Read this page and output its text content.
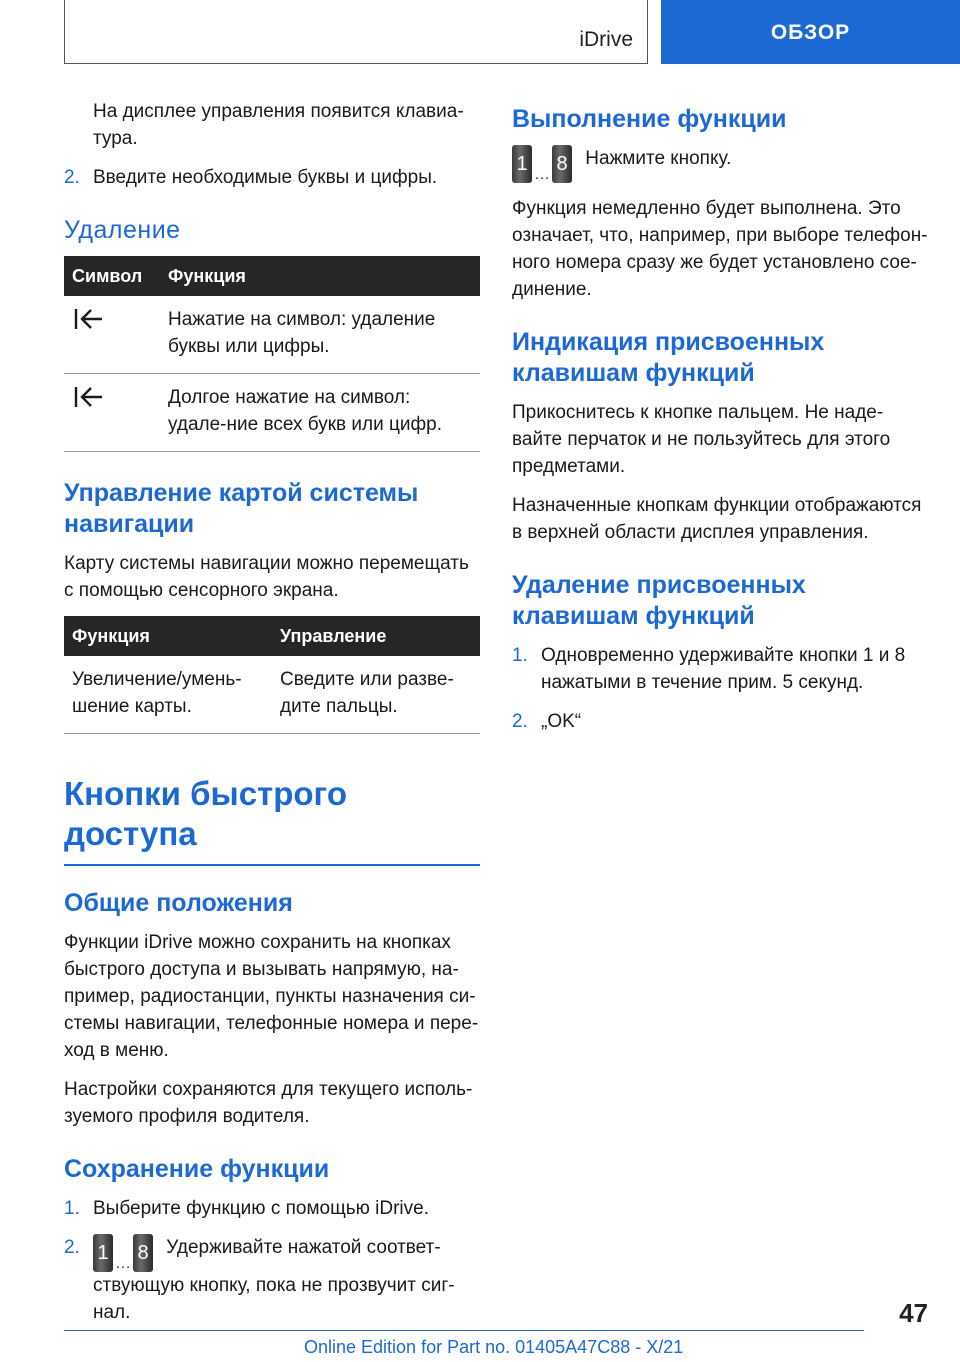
iDrive	ОБЗОР

На дисплее управления появится клавиа-тура.

2. Введите необходимые буквы и цифры.
Удаление
Символ	Функция
	Нажатие на символ: удаление буквы или цифры.
	Долгое нажатие на символ: удале-ние всех букв или цифр.
Управление картой системы навигации

Карту системы навигации можно перемещать с помощью сенсорного экрана.

Функция	Управление
Увеличение/умень-шение карты.	Сведите или разве-дите пальцы.
Кнопки быстрого доступа
Общие положения

Функции iDrive можно сохранить на кнопках быстрого доступа и вызывать напрямую, на-пример, радиостанции, пункты назначения си-стемы навигации, телефонные номера и пере-ход в меню.

Настройки сохраняются для текущего исполь-зуемого профиля водителя.

Сохранение функции
1. Выберите функцию с помощью iDrive.
2. 1 … 8 Удерживайте нажатой соответ-ствующую кнопку, пока не прозвучит сиг-нал.
Выполнение функции

1 … 8 Нажмите кнопку.

Функция немедленно будет выполнена. Это означает, что, например, при выборе телефон-ного номера сразу же будет установлено сое-динение.

Индикация присвоенных клавишам функций

Прикоснитесь к кнопке пальцем. Не наде-вайте перчаток и не пользуйтесь для этого предметами.

Назначенные кнопкам функции отображаются в верхней области дисплея управления.

Удаление присвоенных клавишам функций
1. Одновременно удерживайте кнопки 1 и 8 нажатыми в течение прим. 5 секунд.
2. „OK“
47
Online Edition for Part no. 01405A47C88 - X/21
